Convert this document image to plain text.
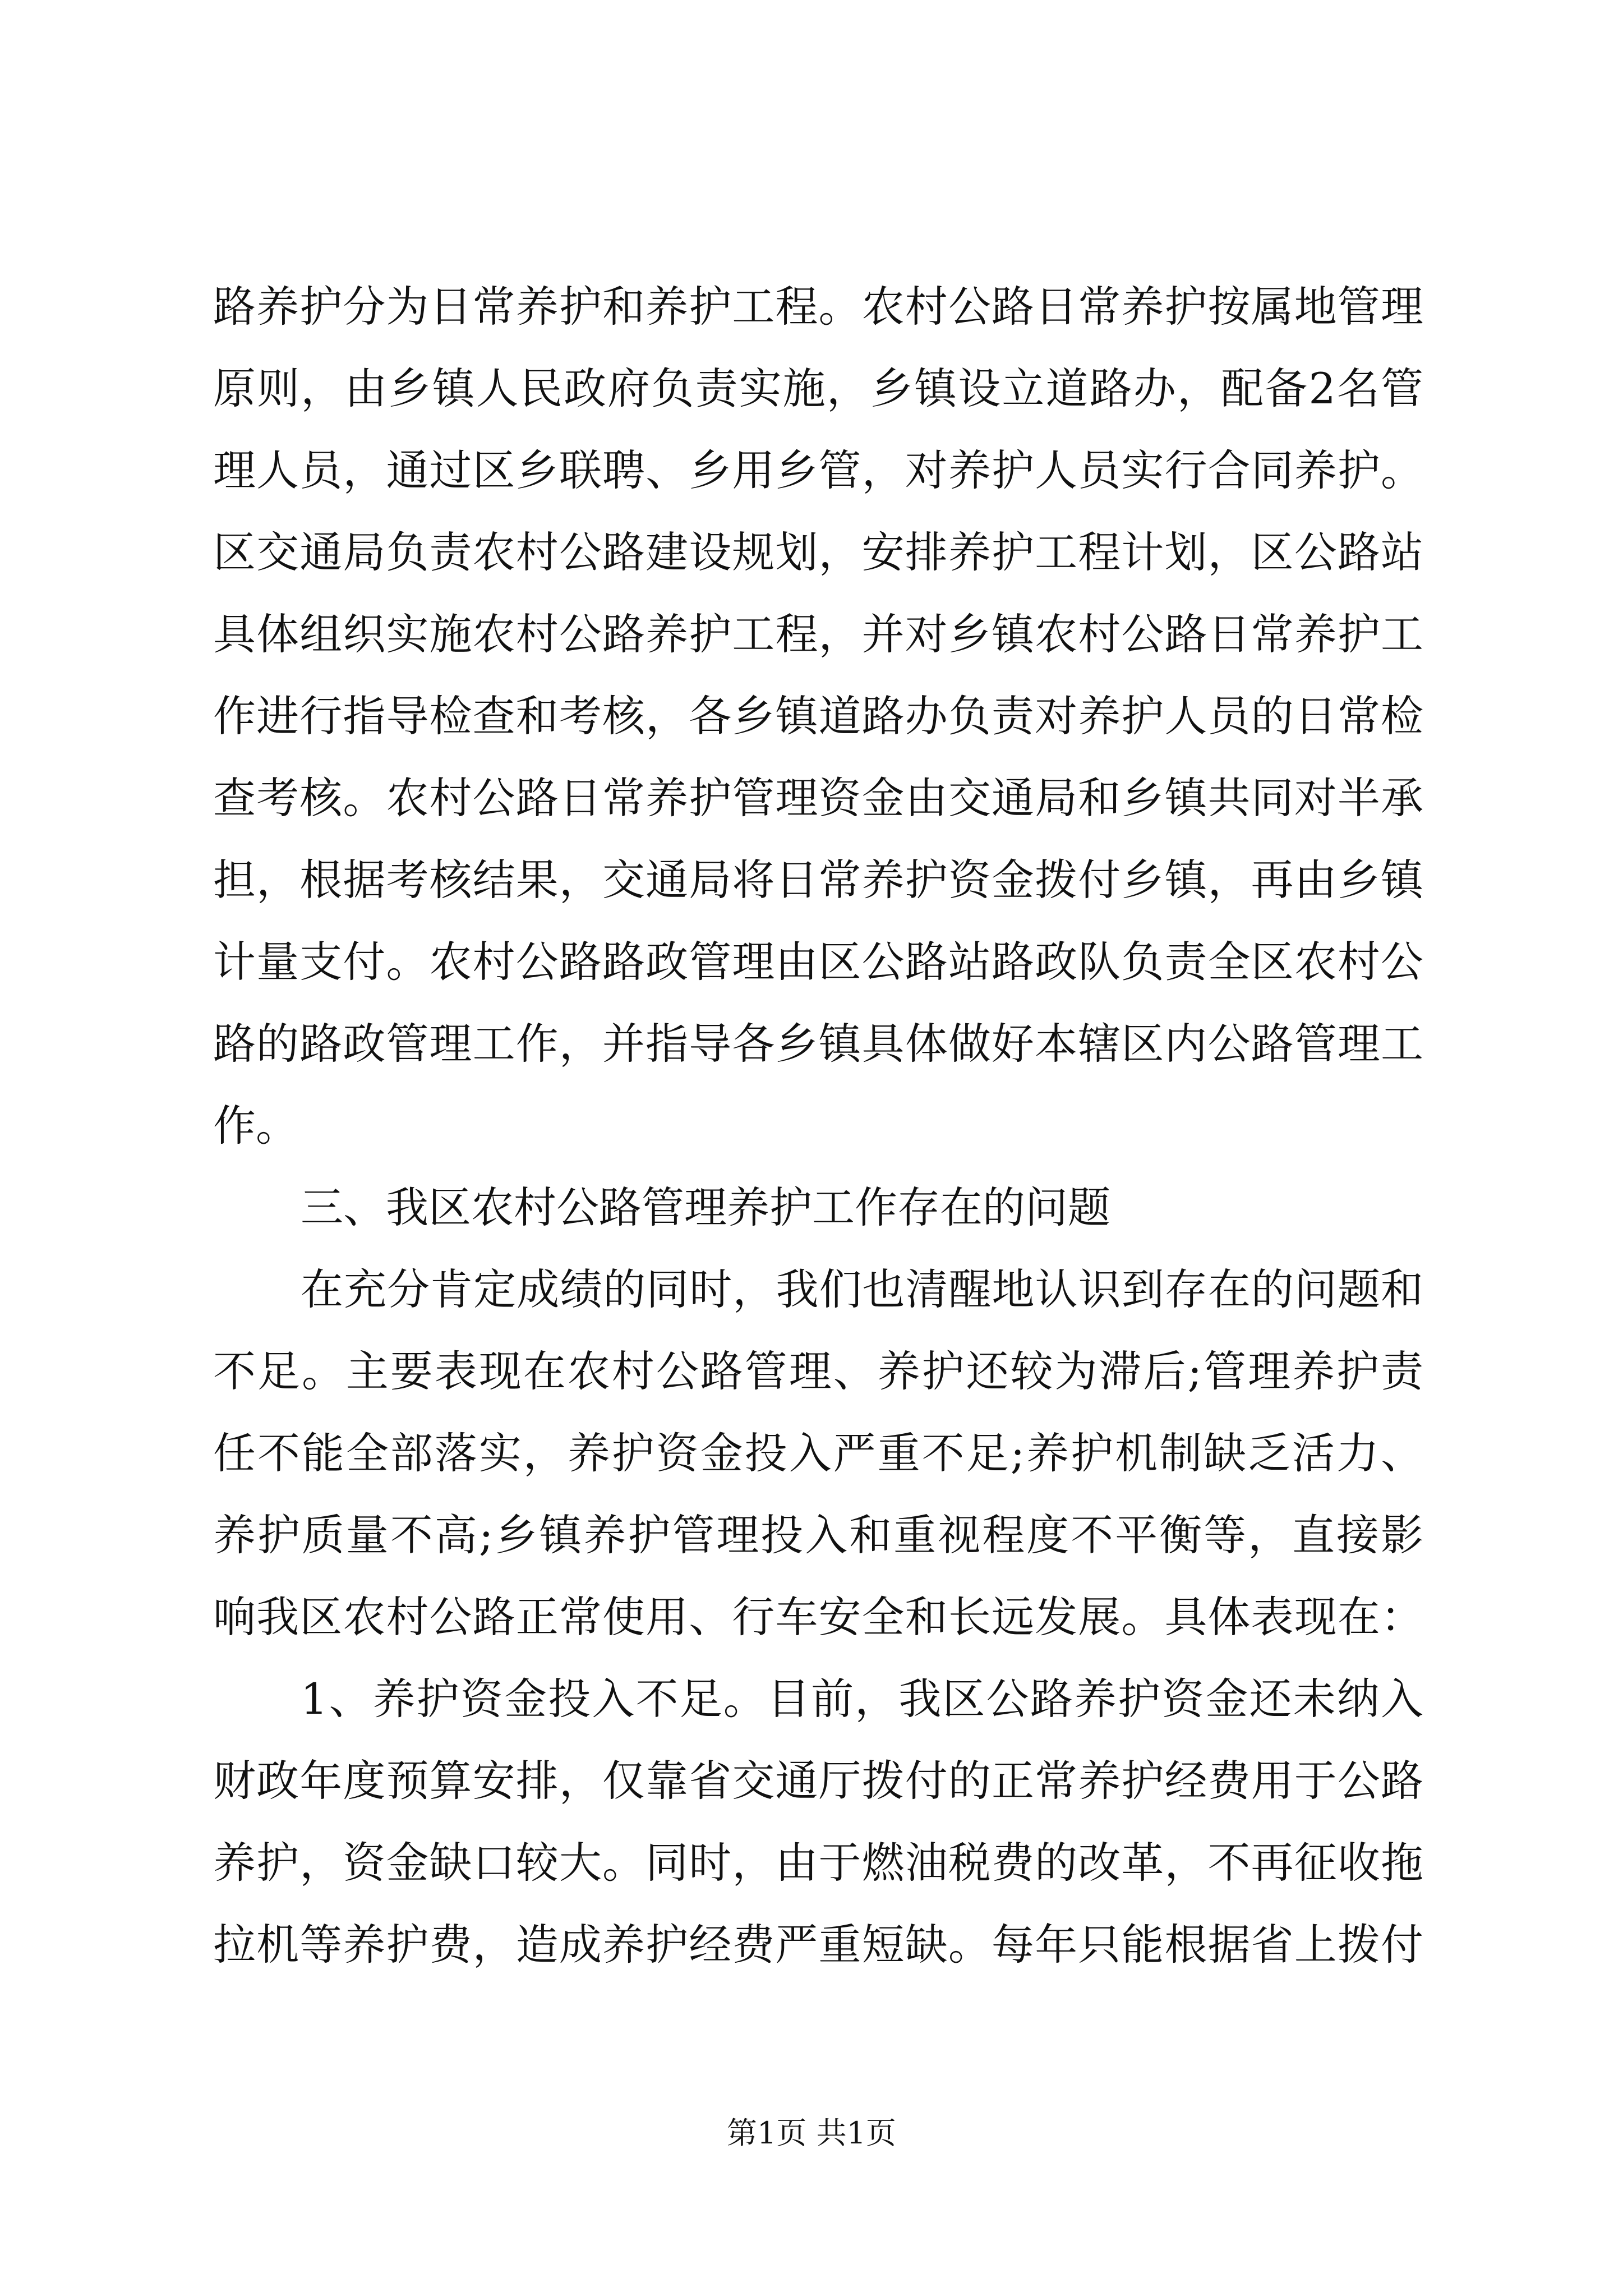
路养护分为日常养护和养护工程。农村公路日常养护按属地管理
原则，由乡镇人民政府负责实施，乡镇设立道路办，配备2名管
理人员，通过区乡联聘、乡用乡管，对养护人员实行合同养护。
区交通局负责农村公路建设规划，安排养护工程计划，区公路站
具体组织实施农村公路养护工程，并对乡镇农村公路日常养护工
作进行指导检查和考核，各乡镇道路办负责对养护人员的日常检
查考核。农村公路日常养护管理资金由交通局和乡镇共同对半承
担，根据考核结果，交通局将日常养护资金拨付乡镇，再由乡镇
计量支付。农村公路路政管理由区公路站路政队负责全区农村公
路的路政管理工作，并指导各乡镇具体做好本辖区内公路管理工
作。
三、我区农村公路管理养护工作存在的问题
在充分肯定成绩的同时，我们也清醒地认识到存在的问题和
不足。主要表现在农村公路管理、养护还较为滞后;管理养护责
任不能全部落实，养护资金投入严重不足;养护机制缺乏活力、
养护质量不高;乡镇养护管理投入和重视程度不平衡等，直接影
响我区农村公路正常使用、行车安全和长远发展。具体表现在：
1、养护资金投入不足。目前，我区公路养护资金还未纳入
财政年度预算安排，仅靠省交通厅拨付的正常养护经费用于公路
养护，资金缺口较大。同时，由于燃油税费的改革，不再征收拖
拉机等养护费，造成养护经费严重短缺。每年只能根据省上拨付
第1页 共1页
